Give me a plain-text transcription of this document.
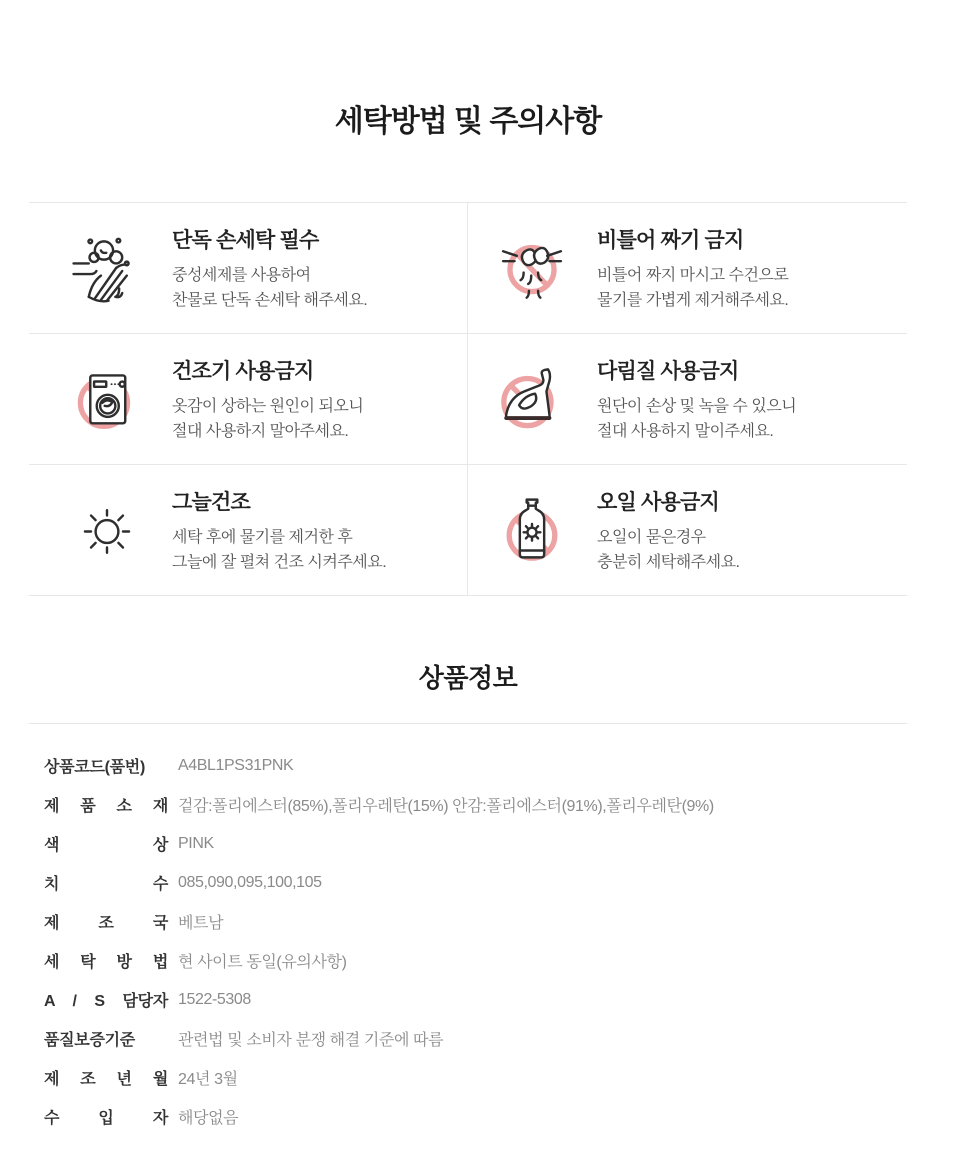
세탁방법 및 주의사항
단독 손세탁 필수
중성세제를 사용하여
찬물로 단독 손세탁 해주세요.
비틀어 짜기 금지
비틀어 짜지 마시고 수건으로
물기를 가볍게 제거해주세요.
건조기 사용금지
옷감이 상하는 원인이 되오니
절대 사용하지 말아주세요.
다림질 사용금지
원단이 손상 및 녹을 수 있으니
절대 사용하지 말이주세요.
그늘건조
세탁 후에 물기를 제거한 후
그늘에 잘 펼쳐 건조 시켜주세요.
오일 사용금지
오일이 묻은경우
충분히 세탁해주세요.
상품정보
상품코드(품번)	A4BL1PS31PNK
제 품 소 재 겉감:폴리에스터(85%),폴리우레탄(15%) 안감:폴리에스터(91%),폴리우레탄(9%)
색 상 PINK
치 수 085,090,095,100,105
제 조 국 베트남
세 탁 방 법 현 사이트 동일(유의사항)
A / S 담당자 1522-5308
품질보증기준	관련법 및 소비자 분쟁 해결 기준에 따름
제 조 년 월 24년 3월
수 입 자 해당없음
